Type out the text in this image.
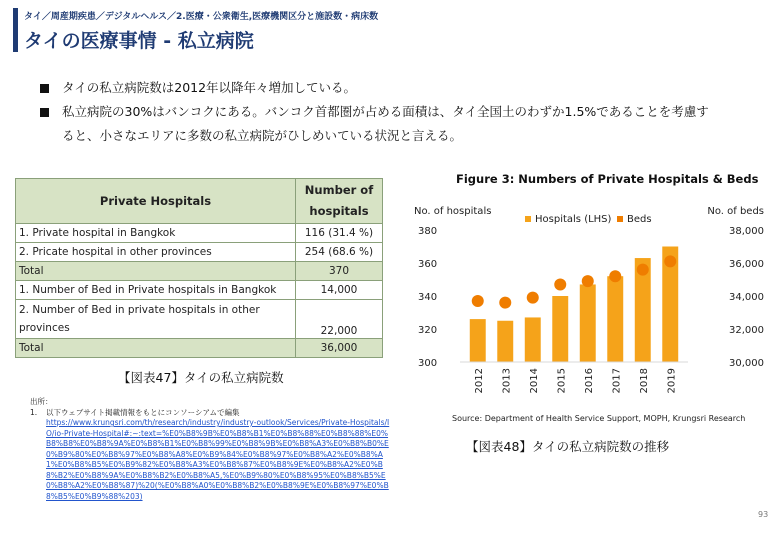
タイ／周産期疾患／デジタルヘルス／2.医療・公衆衛生,医療機関区分と施設数・病床数
タイの医療事情 - 私立病院
タイの私立病院数は2012年以降年々増加している。
私立病院の30%はバンコクにある。バンコク首都圏が占める面積は、タイ全国土のわずか1.5%であることを考慮すると、小さなエリアに多数の私立病院がひしめいている状況と言える。
Private Hospitals	Number of hospitals
1. Private hospital in Bangkok	116 (31.4 %)
2. Pricate hospital in other provinces	254 (68.6 %)
Total	370
1. Number of Bed in Private hospitals in Bangkok	14,000
2. Number of Bed in private hospitals in other provinces	22,000
Total	36,000
【図表47】タイの私立病院数
出所：
1. 以下ウェブサイト掲載情報をもとにコンソーシアムで編集
https://www.krungsri.com/th/research/industry/industry-outlook/Services/Private-Hospitals/IO/io-Private-Hospital#:~:text=%E0%B8%9B%E0%B8%B1%E0%B8%88%E0%B8%88%E0%B8%B8%E0%B8%9A%E0%B8%B1%E0%B8%99%E0%B8%9B%E0%B8%A3%E0%B8%B0%E0%B9%80%E0%B8%97%E0%B8%A8%E0%B9%84%E0%B8%97%E0%B8%A2%E0%B8%A1%E0%B8%B5%E0%B9%82%E0%B8%A3%E0%B8%87%E0%B8%9E%E0%B8%A2%E0%B8%B2%E0%B8%9A%E0%B8%B2%E0%B8%A5,%E0%B9%80%E0%B8%95%E0%B8%B5%E0%B8%A2%E0%B8%87)%20(%E0%B8%A0%E0%B8%B2%E0%B8%9E%E0%B8%97%E0%B8%B5%E0%B9%88%203)
Figure 3: Numbers of Private Hospitals & Beds
No. of hospitals	No. of beds
Hospitals (LHS) Beds
300
320
340
360
380
30,000
32,000
34,000
36,000
38,000
2012 2013 2014 2015 2016 2017 2018 2019
Source: Department of Health Service Support, MOPH, Krungsri Research
【図表48】タイの私立病院数の推移
93
